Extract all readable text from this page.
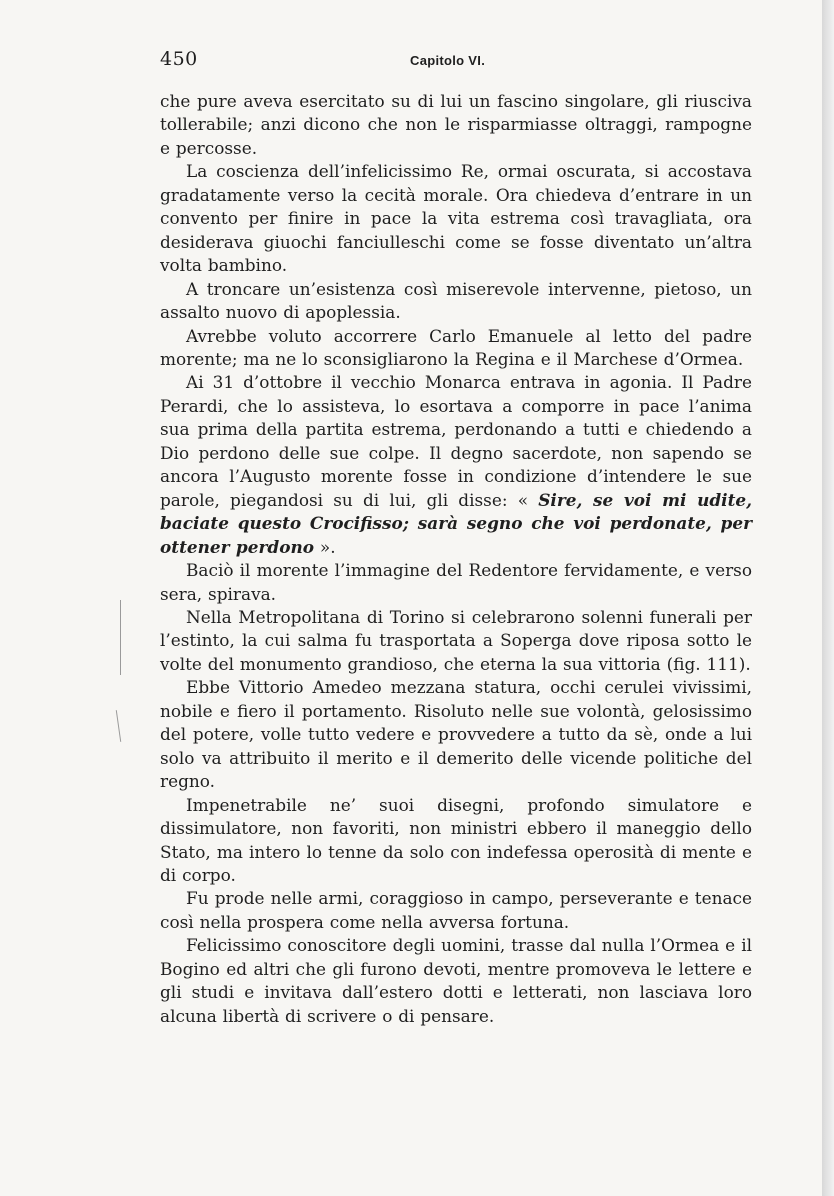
450	Capitolo VI.

che pure aveva esercitato su di lui un fascino singolare, gli riusciva tollerabile; anzi dicono che non le risparmiasse oltraggi, rampogne e percosse.

La coscienza dell’infelicissimo Re, ormai oscurata, si accostava gradatamente verso la cecità morale. Ora chiedeva d’entrare in un convento per finire in pace la vita estrema così travagliata, ora desiderava giuochi fanciulleschi come se fosse diventato un’altra volta bambino.

A troncare un’esistenza così miserevole intervenne, pietoso, un assalto nuovo di apoplessia.

Avrebbe voluto accorrere Carlo Emanuele al letto del padre morente; ma ne lo sconsigliarono la Regina e il Marchese d’Ormea.

Ai 31 d’ottobre il vecchio Monarca entrava in agonia. Il Padre Perardi, che lo assisteva, lo esortava a comporre in pace l’anima sua prima della partita estrema, perdonando a tutti e chiedendo a Dio perdono delle sue colpe. Il degno sacerdote, non sapendo se ancora l’Augusto morente fosse in condizione d’intendere le sue parole, piegandosi su di lui, gli disse: « Sire, se voi mi udite, baciate questo Crocifisso; sarà segno che voi perdonate, per ottener perdono ».

Baciò il morente l’immagine del Redentore fervidamente, e verso sera, spirava.

Nella Metropolitana di Torino si celebrarono solenni funerali per l’estinto, la cui salma fu trasportata a Soperga dove riposa sotto le volte del monumento grandioso, che eterna la sua vittoria (fig. 111).

Ebbe Vittorio Amedeo mezzana statura, occhi cerulei vivissimi, nobile e fiero il portamento. Risoluto nelle sue volontà, gelosissimo del potere, volle tutto vedere e provvedere a tutto da sè, onde a lui solo va attribuito il merito e il demerito delle vicende politiche del regno.

Impenetrabile ne’ suoi disegni, profondo simulatore e dissimulatore, non favoriti, non ministri ebbero il maneggio dello Stato, ma intero lo tenne da solo con indefessa operosità di mente e di corpo.

Fu prode nelle armi, coraggioso in campo, perseverante e tenace così nella prospera come nella avversa fortuna.

Felicissimo conoscitore degli uomini, trasse dal nulla l’Ormea e il Bogino ed altri che gli furono devoti, mentre promoveva le lettere e gli studi e invitava dall’estero dotti e letterati, non lasciava loro alcuna libertà di scrivere o di pensare.
